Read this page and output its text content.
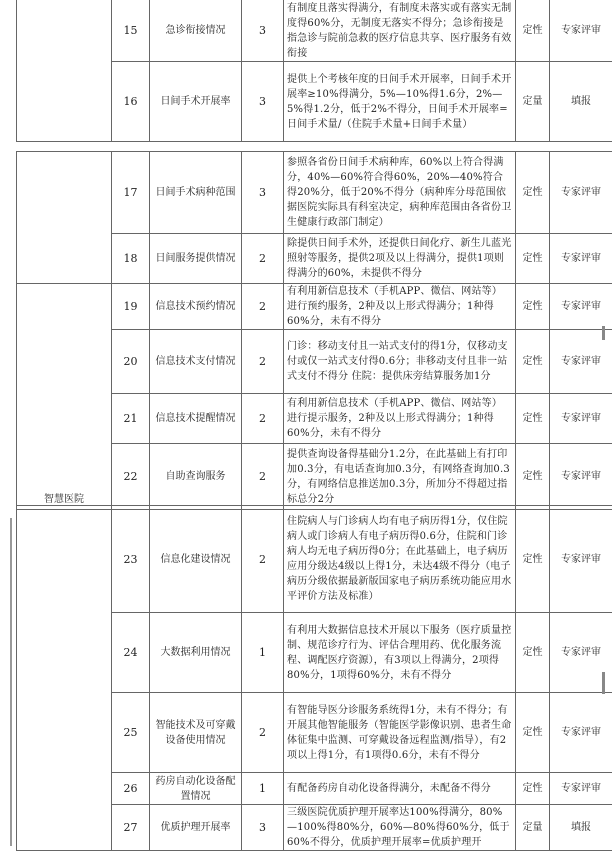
	15	急诊衔接情况	3	有制度且落实得满分，有制度未落实或有落实无制度得60%分，无制度无落实不得分；急诊衔接是指急诊与院前急救的医疗信息共享、医疗服务有效衔接	定性	专家评审
	16	日间手术开展率	3	提供上个考核年度的日间手术开展率，日间手术开展率≥10%得满分，5%—10%得1.6分，2%—5%得1.2分，低于2%不得分，日间手术开展率=日间手术量/（住院手术量+日间手术量）	定量	填报
	17	日间手术病种范围	3	参照各省份日间手术病种库，60%以上符合得满分，40%—60%符合得60%，20%—40%符合得20%分，低于20%不得分（病种库分母范围依据医院实际具有科室决定，病种库范围由各省份卫生健康行政部门制定）	定性	专家评审
	18	日间服务提供情况	2	除提供日间手术外，还提供日间化疗、新生儿蓝光照射等服务，提供2项及以上得满分，提供1项则得满分的60%，未提供不得分	定性	专家评审
智慧医院	19	信息技术预约情况	2	有利用新信息技术（手机APP、微信、网站等）进行预约服务，2种及以上形式得满分；1种得60%分，未有不得分	定性	专家评审
	20	信息技术支付情况	2	门诊：移动支付且一站式支付的得1分，仅移动支付或仅一站式支付得0.6分；非移动支付且非一站式支付不得分 住院：提供床旁结算服务加1分	定性	专家评审
	21	信息技术提醒情况	2	有利用新信息技术（手机APP、微信、网站等）进行提示服务，2种及以上形式得满分；1种得60%分，未有不得分	定性	专家评审
	22	自助查询服务	2	提供查询设备得基础分1.2分，在此基础上有打印加0.3分，有电话查询加0.3分，有网络查询加0.3分，有网络信息推送加0.3分，所加分不得超过指标总分2分	定性	专家评审
	23	信息化建设情况	2	住院病人与门诊病人均有电子病历得1分，仅住院病人或门诊病人有电子病历得0.6分，住院和门诊病人均无电子病历得0分；在此基础上，电子病历应用分级达4级以上得1分，未达4级不得分（电子病历分级依据最新版国家电子病历系统功能应用水平评价方法及标准）	定性	专家评审
	24	大数据利用情况	1	有利用大数据信息技术开展以下服务（医疗质量控制、规范诊疗行为、评估合理用药、优化服务流程、调配医疗资源），有3项以上得满分，2项得80%分，1项得60%分，未有不得分	定性	专家评审
	25	智能技术及可穿戴设备使用情况	2	有智能导医分诊服务系统得1分，未有不得分；有开展其他智能服务（智能医学影像识别、患者生命体征集中监测、可穿戴设备远程监测/指导），有2项以上得1分，有1项得0.6分，未有不得分	定性	专家评审
	26	药房自动化设备配置情况	1	有配备药房自动化设备得满分，未配备不得分	定性	专家评审
	27	优质护理开展率	3	三级医院优质护理开展率达100%得满分，80%—100%得80%分，60%—80%得60%分，低于60%不得分，优质护理开展率=优质护理开	定量	填报
